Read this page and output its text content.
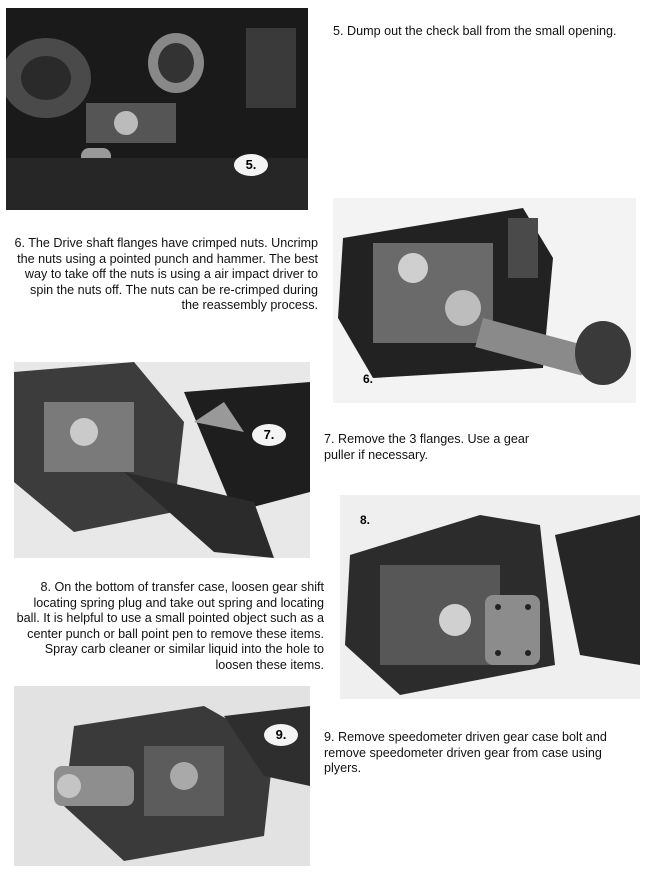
5.

5. Dump out the check ball from the small opening.

6. The Drive shaft flanges have crimped nuts. Uncrimp the nuts using a pointed punch and hammer. The best way to take off the nuts is using a air impact driver to spin the nuts off. The nuts can be re-crimped during the reassembly process.

6.
7.	7. Remove the 3 flanges. Use a gear puller if necessary.

8.

8. On the bottom of transfer case, loosen gear shift locating spring plug and take out spring and locating ball. It is helpful to use a small pointed object such as a center punch or ball point pen to remove these items. Spray carb cleaner or similar liquid into the hole to loosen these items.

9.	9. Remove speedometer driven gear case bolt and remove speedometer driven gear from case using plyers.
